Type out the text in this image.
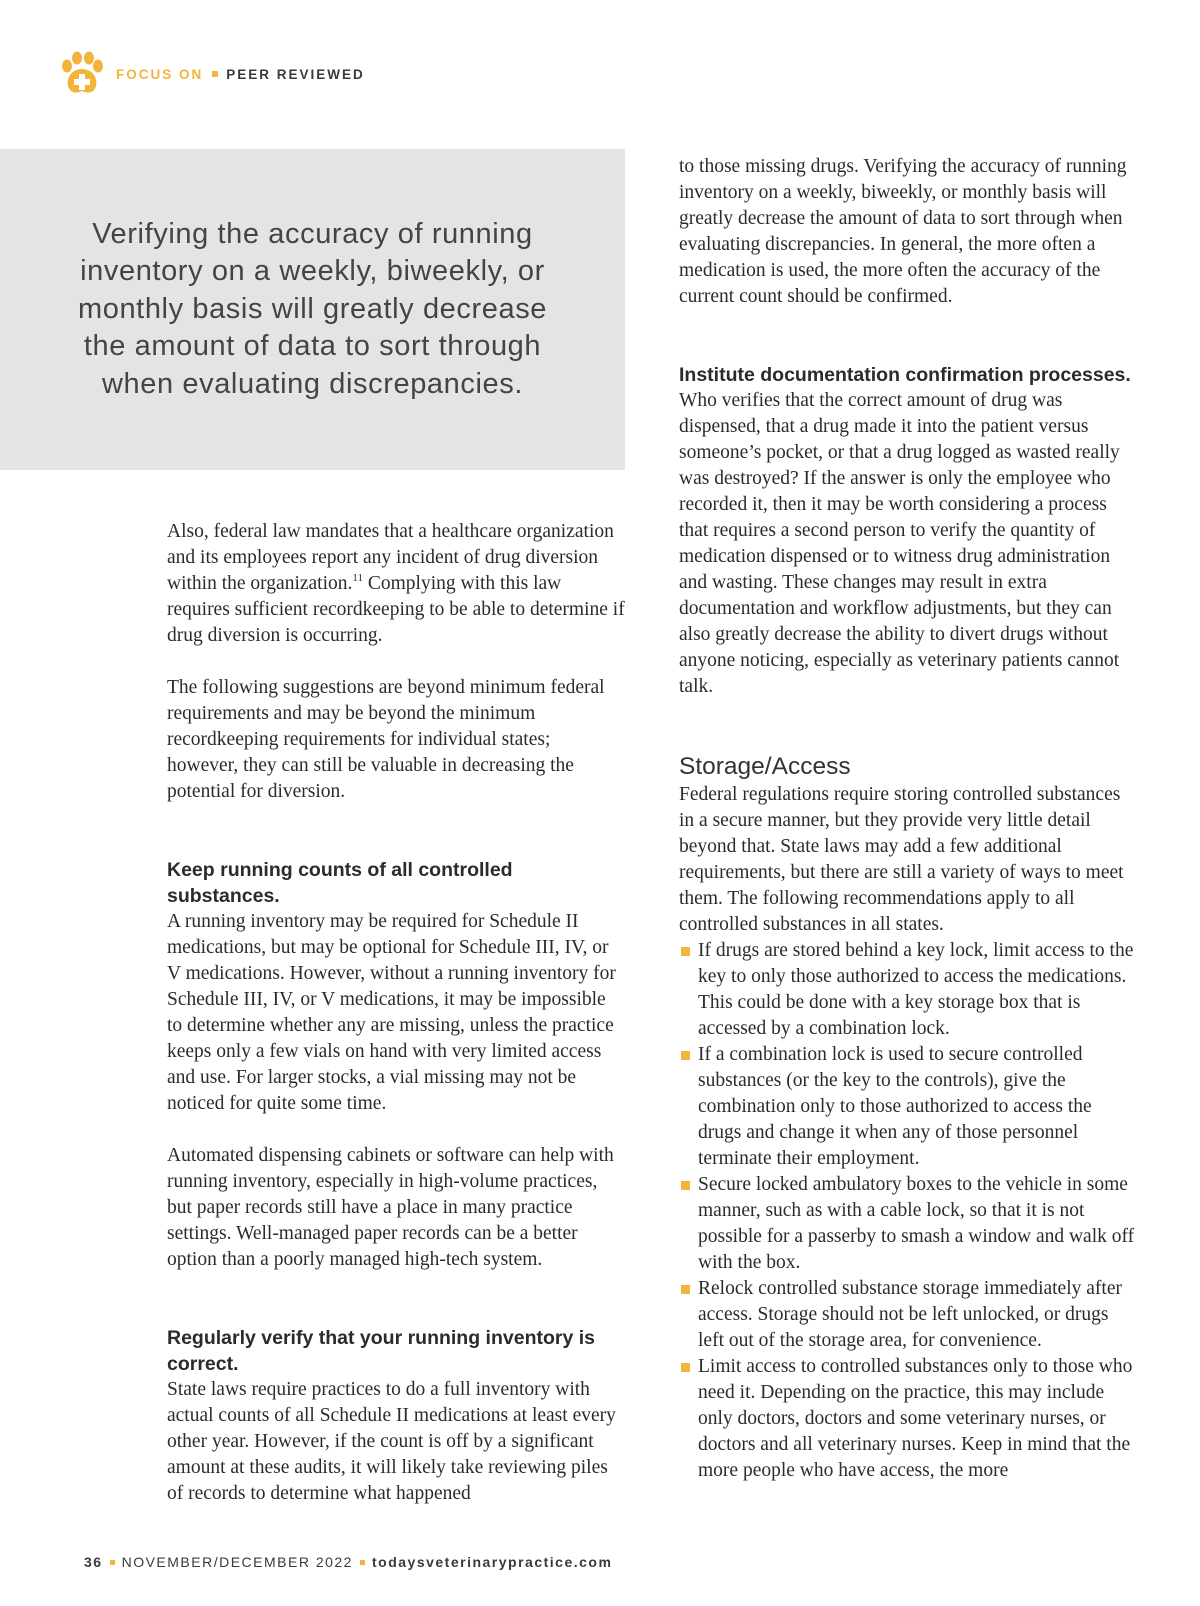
FOCUS ON PEER REVIEWED

Verifying the accuracy of running inventory on a weekly, biweekly, or monthly basis will greatly decrease the amount of data to sort through when evaluating discrepancies.

Also, federal law mandates that a healthcare organization and its employees report any incident of drug diversion within the organization.$^{11}$ Complying with this law requires sufficient recordkeeping to be able to determine if drug diversion is occurring.

The following suggestions are beyond minimum federal requirements and may be beyond the minimum recordkeeping requirements for individual states; however, they can still be valuable in decreasing the potential for diversion.

Keep running counts of all controlled substances.

A running inventory may be required for Schedule II medications, but may be optional for Schedule III, IV, or V medications. However, without a running inventory for Schedule III, IV, or V medications, it may be impossible to determine whether any are missing, unless the practice keeps only a few vials on hand with very limited access and use. For larger stocks, a vial missing may not be noticed for quite some time.

Automated dispensing cabinets or software can help with running inventory, especially in high-volume practices, but paper records still have a place in many practice settings. Well-managed paper records can be a better option than a poorly managed high-tech system.

Regularly verify that your running inventory is correct.

State laws require practices to do a full inventory with actual counts of all Schedule II medications at least every other year. However, if the count is off by a significant amount at these audits, it will likely take reviewing piles of records to determine what happened

to those missing drugs. Verifying the accuracy of running inventory on a weekly, biweekly, or monthly basis will greatly decrease the amount of data to sort through when evaluating discrepancies. In general, the more often a medication is used, the more often the accuracy of the current count should be confirmed.

Institute documentation confirmation processes.

Who verifies that the correct amount of drug was dispensed, that a drug made it into the patient versus someone’s pocket, or that a drug logged as wasted really was destroyed? If the answer is only the employee who recorded it, then it may be worth considering a process that requires a second person to verify the quantity of medication dispensed or to witness drug administration and wasting. These changes may result in extra documentation and workflow adjustments, but they can also greatly decrease the ability to divert drugs without anyone noticing, especially as veterinary patients cannot talk.

Storage/Access

Federal regulations require storing controlled substances in a secure manner, but they provide very little detail beyond that. State laws may add a few additional requirements, but there are still a variety of ways to meet them. The following recommendations apply to all controlled substances in all states.

If drugs are stored behind a key lock, limit access to the key to only those authorized to access the medications. This could be done with a key storage box that is accessed by a combination lock.
If a combination lock is used to secure controlled substances (or the key to the controls), give the combination only to those authorized to access the drugs and change it when any of those personnel terminate their employment.
Secure locked ambulatory boxes to the vehicle in some manner, such as with a cable lock, so that it is not possible for a passerby to smash a window and walk off with the box.
Relock controlled substance storage immediately after access. Storage should not be left unlocked, or drugs left out of the storage area, for convenience.
Limit access to controlled substances only to those who need it. Depending on the practice, this may include only doctors, doctors and some veterinary nurses, or doctors and all veterinary nurses. Keep in mind that the more people who have access, the more
36 NOVEMBER/DECEMBER 2022 todaysveterinarypractice.com
